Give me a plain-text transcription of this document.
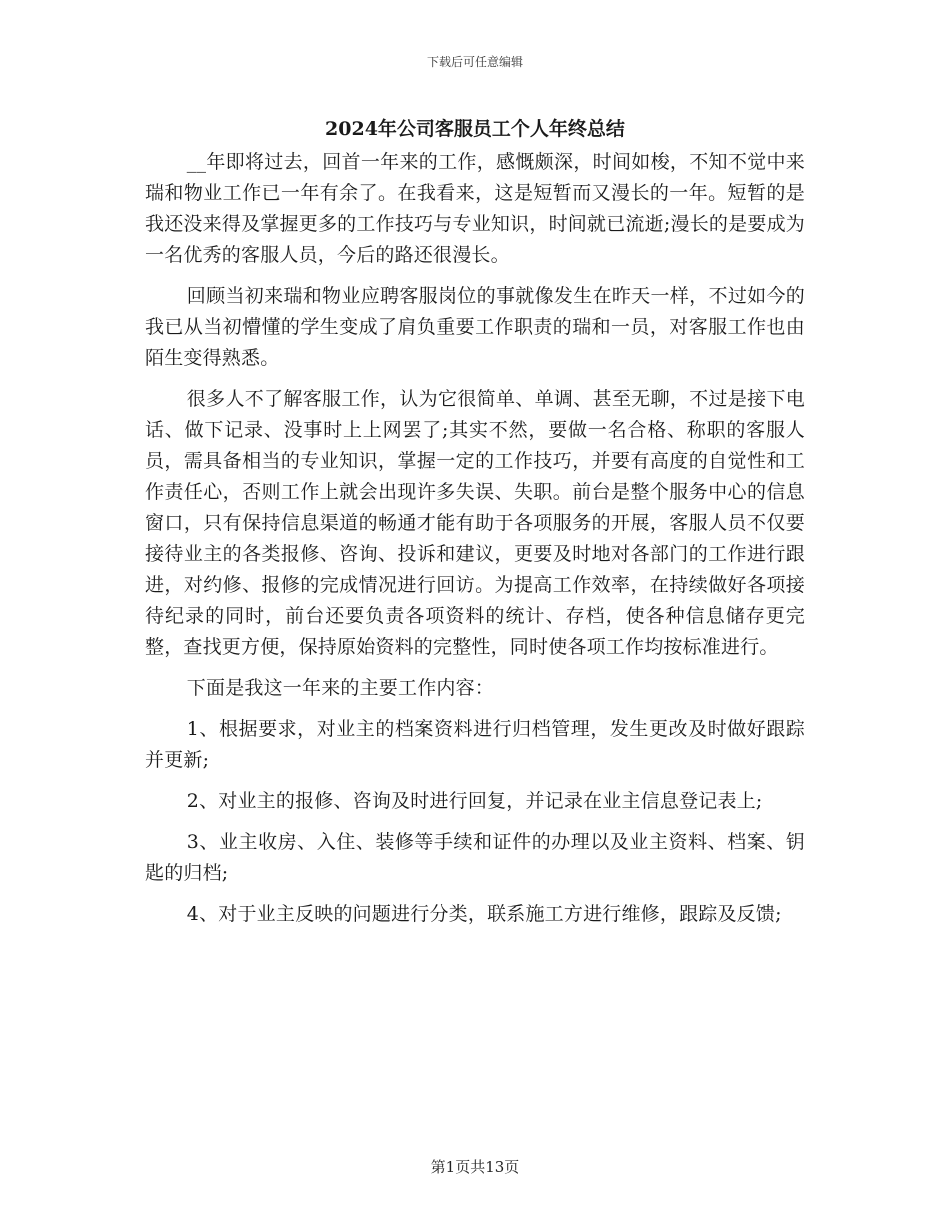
下载后可任意编辑
2024年公司客服员工个人年终总结

__年即将过去，回首一年来的工作，感慨颇深，时间如梭，不知不觉中来瑞和物业工作已一年有余了。在我看来，这是短暂而又漫长的一年。短暂的是我还没来得及掌握更多的工作技巧与专业知识，时间就已流逝;漫长的是要成为一名优秀的客服人员，今后的路还很漫长。

回顾当初来瑞和物业应聘客服岗位的事就像发生在昨天一样，不过如今的我已从当初懵懂的学生变成了肩负重要工作职责的瑞和一员，对客服工作也由陌生变得熟悉。

很多人不了解客服工作，认为它很简单、单调、甚至无聊，不过是接下电话、做下记录、没事时上上网罢了;其实不然，要做一名合格、称职的客服人员，需具备相当的专业知识，掌握一定的工作技巧，并要有高度的自觉性和工作责任心，否则工作上就会出现许多失误、失职。前台是整个服务中心的信息窗口，只有保持信息渠道的畅通才能有助于各项服务的开展，客服人员不仅要接待业主的各类报修、咨询、投诉和建议，更要及时地对各部门的工作进行跟进，对约修、报修的完成情况进行回访。为提高工作效率，在持续做好各项接待纪录的同时，前台还要负责各项资料的统计、存档，使各种信息储存更完整，查找更方便，保持原始资料的完整性，同时使各项工作均按标准进行。

下面是我这一年来的主要工作内容：

1、根据要求，对业主的档案资料进行归档管理，发生更改及时做好跟踪并更新;

2、对业主的报修、咨询及时进行回复，并记录在业主信息登记表上;

3、业主收房、入住、装修等手续和证件的办理以及业主资料、档案、钥匙的归档;

4、对于业主反映的问题进行分类，联系施工方进行维修，跟踪及反馈;

第1页共13页
